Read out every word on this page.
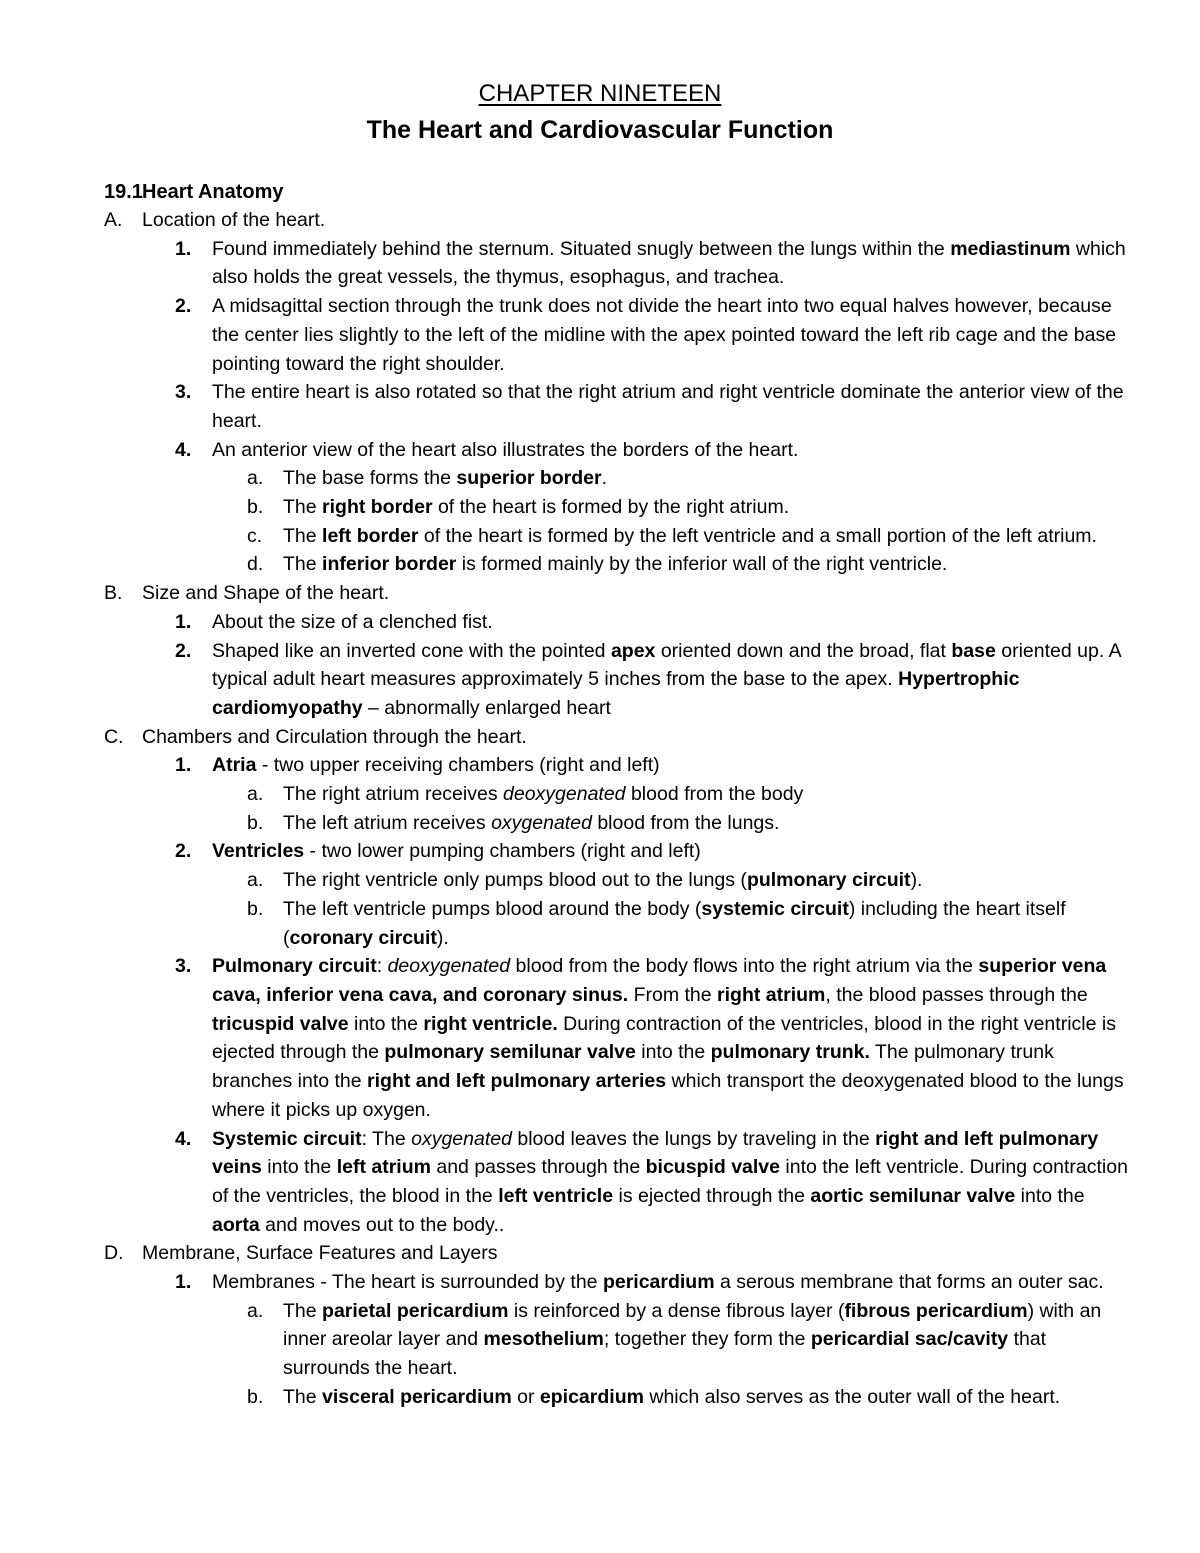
CHAPTER NINETEEN
The Heart and Cardiovascular Function
19.1Heart Anatomy
A. Location of the heart.
1. Found immediately behind the sternum. Situated snugly between the lungs within the mediastinum which also holds the great vessels, the thymus, esophagus, and trachea.
2. A midsagittal section through the trunk does not divide the heart into two equal halves however, because the center lies slightly to the left of the midline with the apex pointed toward the left rib cage and the base pointing toward the right shoulder.
3. The entire heart is also rotated so that the right atrium and right ventricle dominate the anterior view of the heart.
4. An anterior view of the heart also illustrates the borders of the heart.
a. The base forms the superior border.
b. The right border of the heart is formed by the right atrium.
c. The left border of the heart is formed by the left ventricle and a small portion of the left atrium.
d. The inferior border is formed mainly by the inferior wall of the right ventricle.
B. Size and Shape of the heart.
1. About the size of a clenched fist.
2. Shaped like an inverted cone with the pointed apex oriented down and the broad, flat base oriented up. A typical adult heart measures approximately 5 inches from the base to the apex. Hypertrophic cardiomyopathy – abnormally enlarged heart
C. Chambers and Circulation through the heart.
1. Atria - two upper receiving chambers (right and left)
a. The right atrium receives deoxygenated blood from the body
b. The left atrium receives oxygenated blood from the lungs.
2. Ventricles - two lower pumping chambers (right and left)
a. The right ventricle only pumps blood out to the lungs (pulmonary circuit).
b. The left ventricle pumps blood around the body (systemic circuit) including the heart itself (coronary circuit).
3. Pulmonary circuit: deoxygenated blood from the body flows into the right atrium via the superior vena cava, inferior vena cava, and coronary sinus. From the right atrium, the blood passes through the tricuspid valve into the right ventricle. During contraction of the ventricles, blood in the right ventricle is ejected through the pulmonary semilunar valve into the pulmonary trunk. The pulmonary trunk branches into the right and left pulmonary arteries which transport the deoxygenated blood to the lungs where it picks up oxygen.
4. Systemic circuit: The oxygenated blood leaves the lungs by traveling in the right and left pulmonary veins into the left atrium and passes through the bicuspid valve into the left ventricle. During contraction of the ventricles, the blood in the left ventricle is ejected through the aortic semilunar valve into the aorta and moves out to the body..
D. Membrane, Surface Features and Layers
1. Membranes - The heart is surrounded by the pericardium a serous membrane that forms an outer sac.
a. The parietal pericardium is reinforced by a dense fibrous layer (fibrous pericardium) with an inner areolar layer and mesothelium; together they form the pericardial sac/cavity that surrounds the heart.
b. The visceral pericardium or epicardium which also serves as the outer wall of the heart.
